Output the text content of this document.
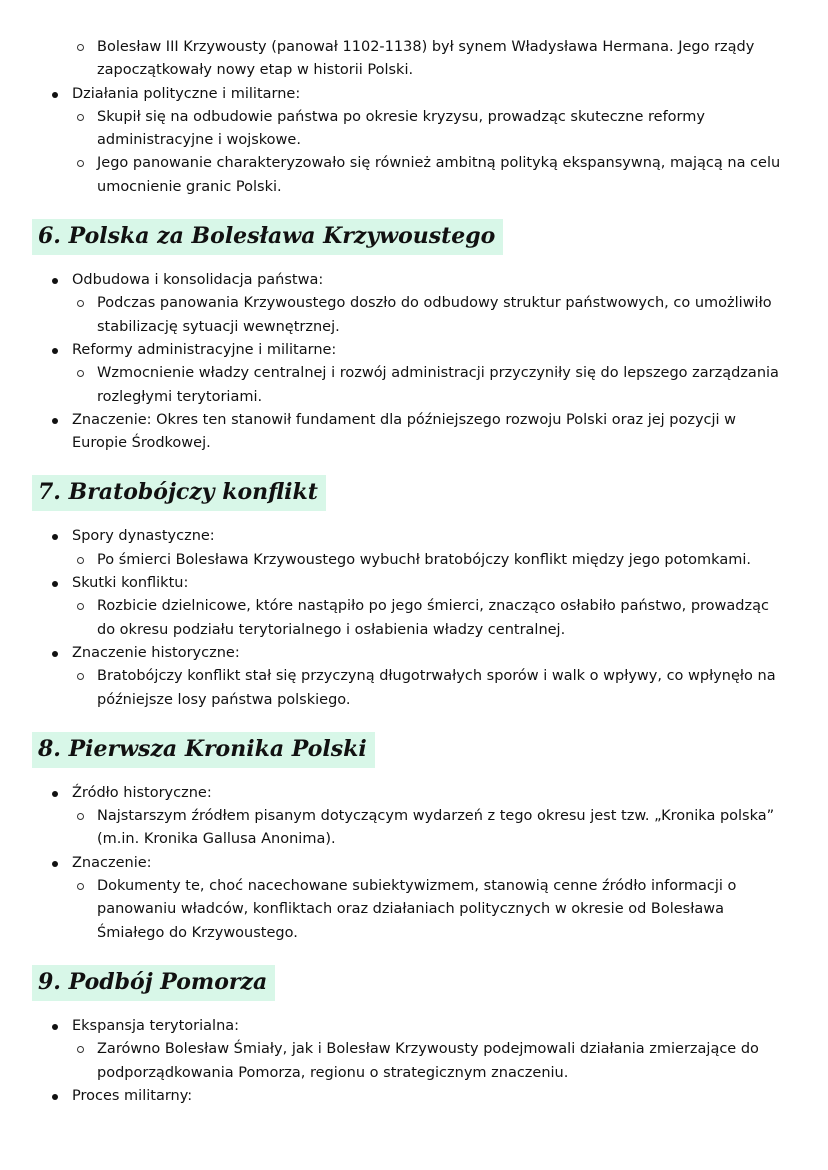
Bolesław III Krzywousty (panował 1102-1138) był synem Władysława Hermana. Jego rządy zapoczątkowały nowy etap w historii Polski.
Działania polityczne i militarne:
Skupił się na odbudowie państwa po okresie kryzysu, prowadząc skuteczne reformy administracyjne i wojskowe.
Jego panowanie charakteryzowało się również ambitną polityką ekspansywną, mającą na celu umocnienie granic Polski.
6. Polska za Bolesława Krzywoustego
Odbudowa i konsolidacja państwa:
Podczas panowania Krzywoustego doszło do odbudowy struktur państwowych, co umożliwiło stabilizację sytuacji wewnętrznej.
Reformy administracyjne i militarne:
Wzmocnienie władzy centralnej i rozwój administracji przyczyniły się do lepszego zarządzania rozległymi terytoriami.
Znaczenie: Okres ten stanowił fundament dla późniejszego rozwoju Polski oraz jej pozycji w Europie Środkowej.
7. Bratobójczy konflikt
Spory dynastyczne:
Po śmierci Bolesława Krzywoustego wybuchł bratobójczy konflikt między jego potomkami.
Skutki konfliktu:
Rozbicie dzielnicowe, które nastąpiło po jego śmierci, znacząco osłabiło państwo, prowadząc do okresu podziału terytorialnego i osłabienia władzy centralnej.
Znaczenie historyczne:
Bratobójczy konflikt stał się przyczyną długotrwałych sporów i walk o wpływy, co wpłynęło na późniejsze losy państwa polskiego.
8. Pierwsza Kronika Polski
Źródło historyczne:
Najstarszym źródłem pisanym dotyczącym wydarzeń z tego okresu jest tzw. „Kronika polska” (m.in. Kronika Gallusa Anonima).
Znaczenie:
Dokumenty te, choć nacechowane subiektywizmem, stanowią cenne źródło informacji o panowaniu władców, konfliktach oraz działaniach politycznych w okresie od Bolesława Śmiałego do Krzywoustego.
9. Podbój Pomorza
Ekspansja terytorialna:
Zarówno Bolesław Śmiały, jak i Bolesław Krzywousty podejmowali działania zmierzające do podporządkowania Pomorza, regionu o strategicznym znaczeniu.
Proces militarny:
